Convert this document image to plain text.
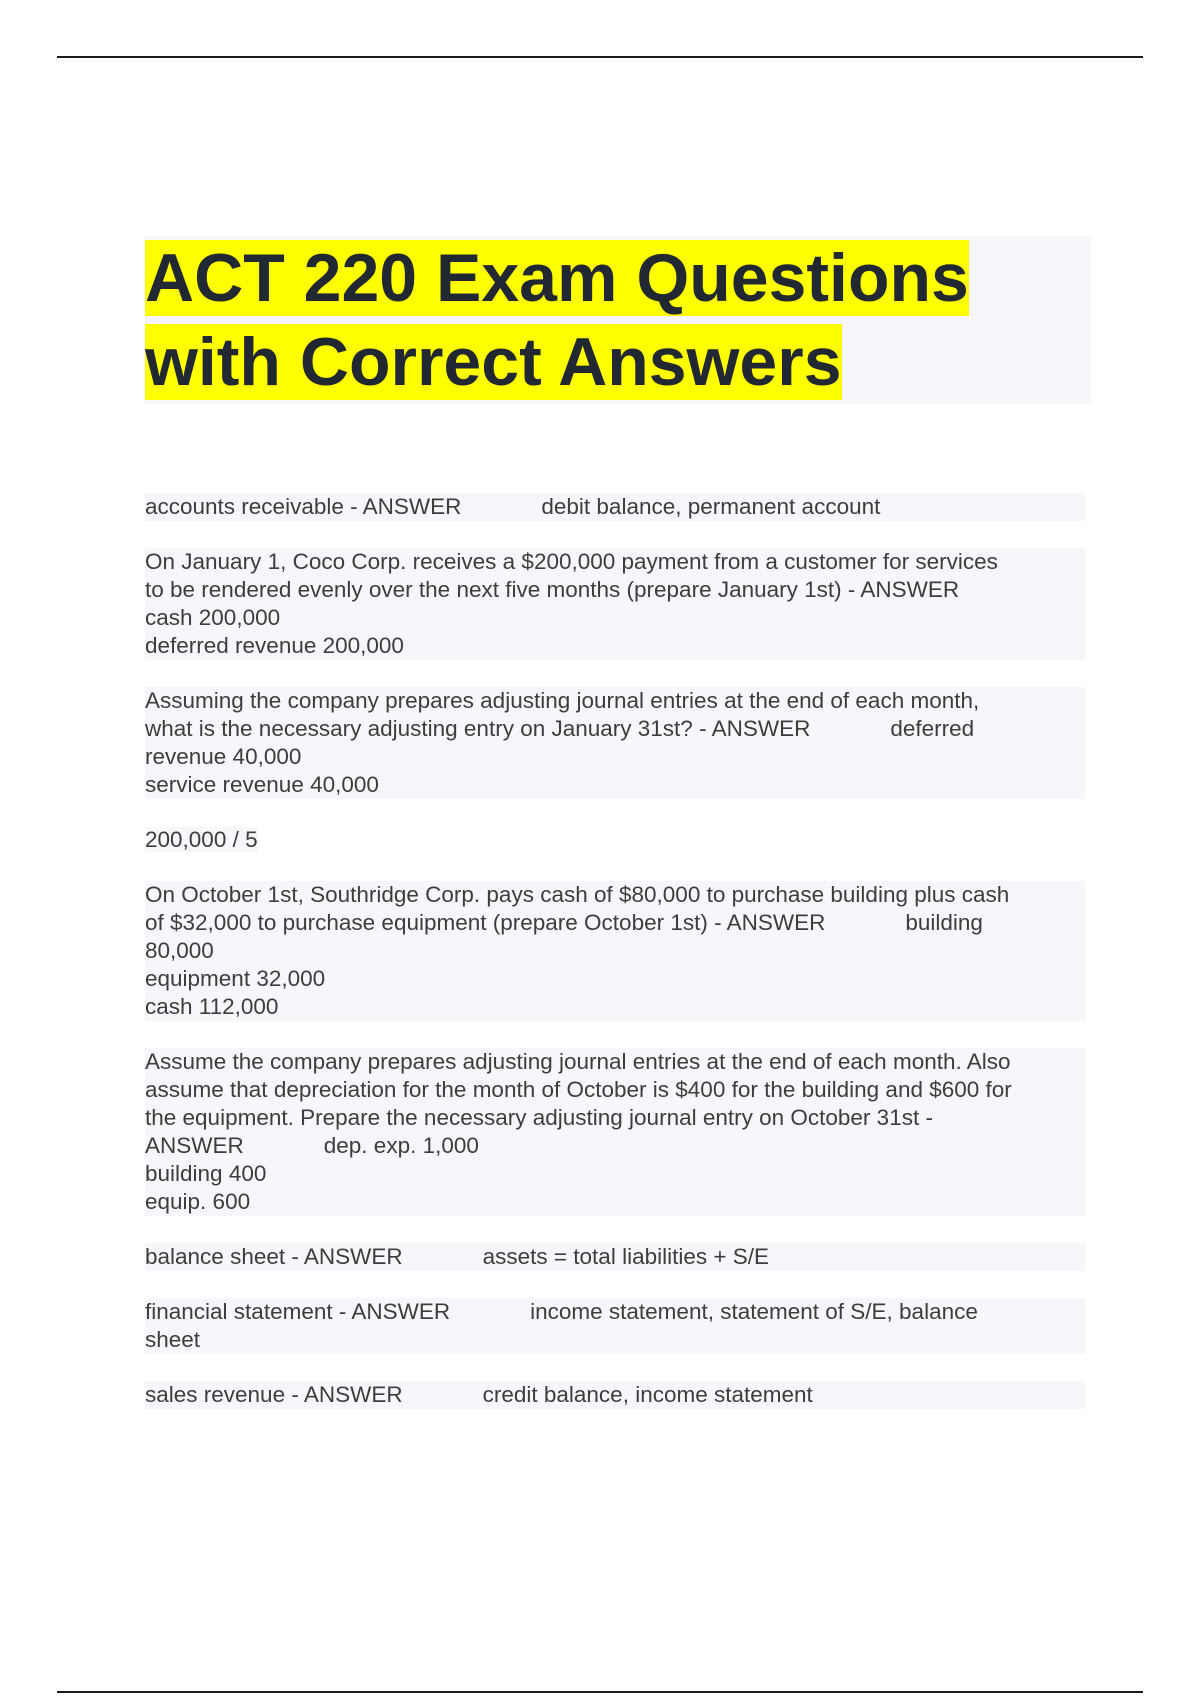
ACT 220 Exam Questions
with Correct Answers

accounts receivable - ANSWER	debit balance, permanent account

On January 1, Coco Corp. receives a $200,000 payment from a customer for services
to be rendered evenly over the next five months (prepare January 1st) - ANSWER
cash 200,000
deferred revenue 200,000

Assuming the company prepares adjusting journal entries at the end of each month,
what is the necessary adjusting entry on January 31st? - ANSWER	deferred
revenue 40,000
service revenue 40,000

200,000 / 5

On October 1st, Southridge Corp. pays cash of $80,000 to purchase building plus cash
of $32,000 to purchase equipment (prepare October 1st) - ANSWER	building
80,000
equipment 32,000
cash 112,000

Assume the company prepares adjusting journal entries at the end of each month. Also
assume that depreciation for the month of October is $400 for the building and $600 for
the equipment. Prepare the necessary adjusting journal entry on October 31st -
ANSWER	dep. exp. 1,000
building 400
equip. 600

balance sheet - ANSWER	assets = total liabilities + S/E

financial statement - ANSWER	income statement, statement of S/E, balance
sheet

sales revenue - ANSWER	credit balance, income statement
